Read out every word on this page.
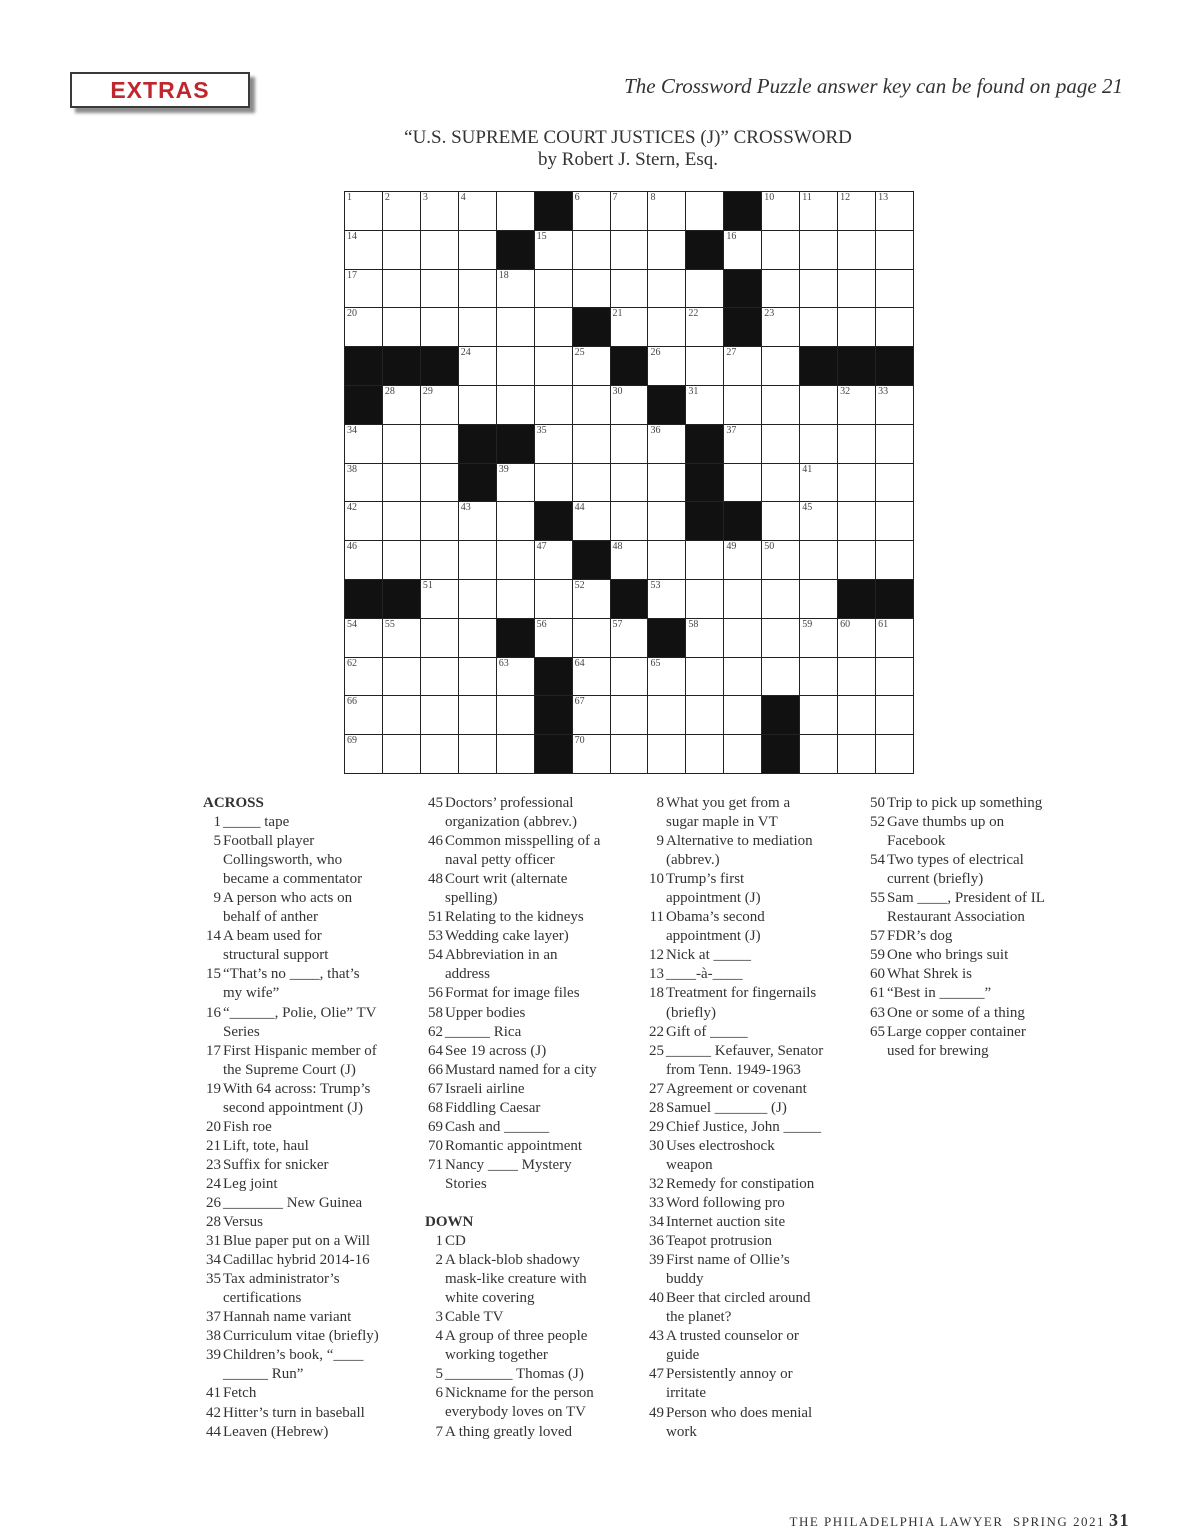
EXTRAS	The Crossword Puzzle answer key can be found on page 21
“U.S. SUPREME COURT JUSTICES (J)” CROSSWORD
by Robert J. Stern, Esq.
1	2	3	4	6	7	8	10	11	12	13
14	15	16
17	18
20	21	22	23
24	25	26	27
28	29	30	31	32	33
34	35	36	37
38	39	41
42	43	44	45
46	47	48	49	50
51	52	53
54	55	56	57	58	59	60	61
62	63	64	65
66	67
69	70
ACROSS
1 _____ tape
5 Football player
Collingsworth, who
became a commentator
9 A person who acts on
behalf of anther
14 A beam used for
structural support
15 “That’s no ____, that’s
my wife”
16 “______, Polie, Olie” TV
Series
17 First Hispanic member of
the Supreme Court (J)
19 With 64 across: Trump’s
second appointment (J)
20 Fish roe
21 Lift, tote, haul
23 Suffix for snicker
24 Leg joint
26 ________ New Guinea
28 Versus
31 Blue paper put on a Will
34 Cadillac hybrid 2014-16
35 Tax administrator’s
certifications
37 Hannah name variant
38 Curriculum vitae (briefly)
39 Children’s book, “____
______ Run”
41 Fetch
42 Hitter’s turn in baseball
44 Leaven (Hebrew)
45 Doctors’ professional
organization (abbrev.)
46 Common misspelling of a
naval petty officer
48 Court writ (alternate
spelling)
51 Relating to the kidneys
53 Wedding cake layer)
54 Abbreviation in an
address
56 Format for image files
58 Upper bodies
62 ______ Rica
64 See 19 across (J)
66 Mustard named for a city
67 Israeli airline
68 Fiddling Caesar
69 Cash and ______
70 Romantic appointment
71 Nancy ____ Mystery
Stories
DOWN
1 CD
2 A black-blob shadowy
mask-like creature with
white covering
3 Cable TV
4 A group of three people
working together
5 _________ Thomas (J)
6 Nickname for the person
everybody loves on TV
7 A thing greatly loved
8 What you get from a
sugar maple in VT
9 Alternative to mediation
(abbrev.)
10 Trump’s first
appointment (J)
11 Obama’s second
appointment (J)
12 Nick at _____
13 ____-à-____
18 Treatment for fingernails
(briefly)
22 Gift of _____
25 ______ Kefauver, Senator
from Tenn. 1949-1963
27 Agreement or covenant
28 Samuel _______ (J)
29 Chief Justice, John _____
30 Uses electroshock
weapon
32 Remedy for constipation
33 Word following pro
34 Internet auction site
36 Teapot protrusion
39 First name of Ollie’s
buddy
40 Beer that circled around
the planet?
43 A trusted counselor or
guide
47 Persistently annoy or
irritate
49 Person who does menial
work
50 Trip to pick up something
52 Gave thumbs up on
Facebook
54 Two types of electrical
current (briefly)
55 Sam ____, President of IL
Restaurant Association
57 FDR’s dog
59 One who brings suit
60 What Shrek is
61 “Best in ______”
63 One or some of a thing
65 Large copper container
used for brewing
THE PHILADELPHIA LAWYER SPRING 2021 31
